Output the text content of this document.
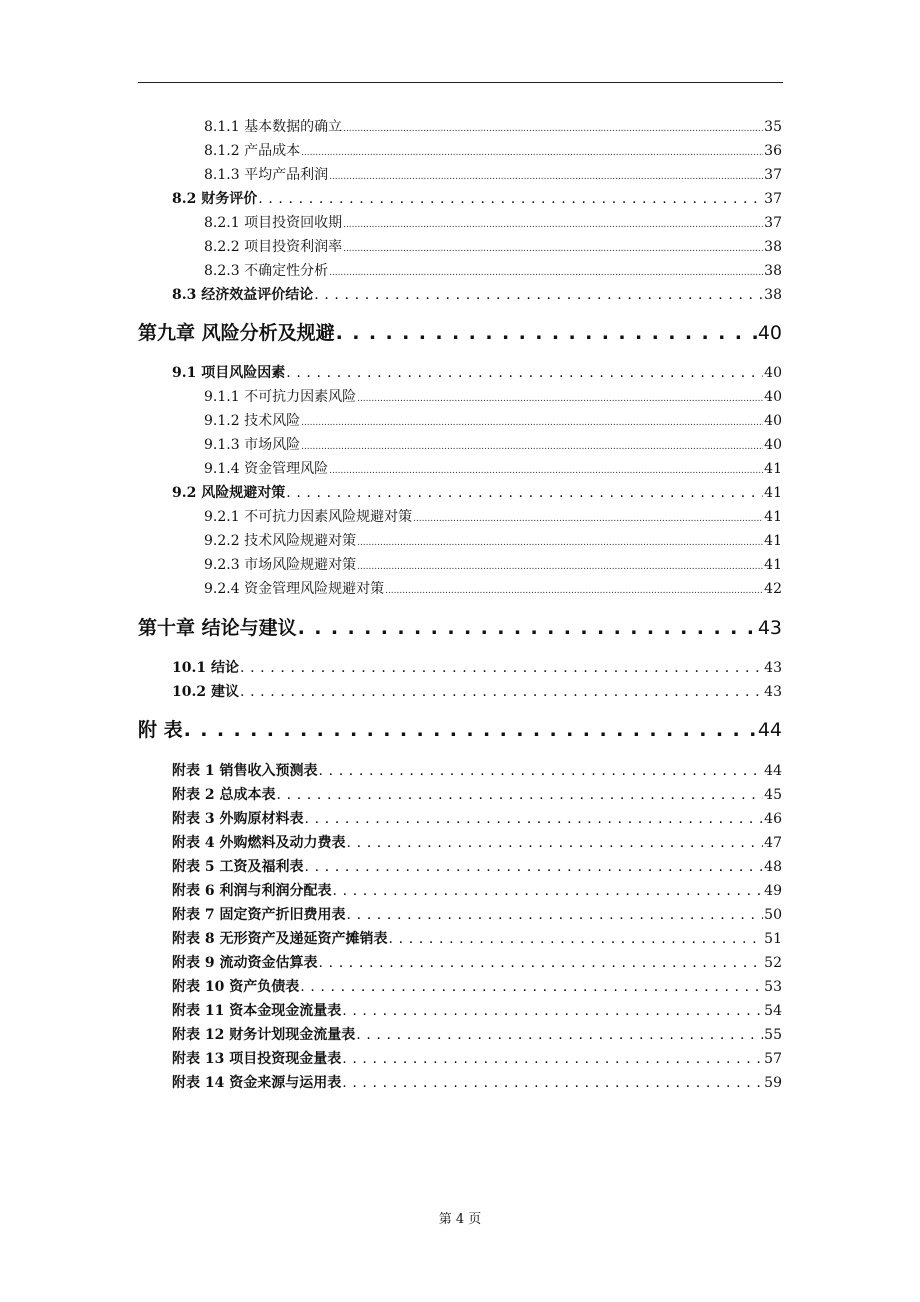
8.1.1 基本数据的确立 .....	35
8.1.2 产品成本 .....	36
8.1.3 平均产品利润 .....	37
8.2 财务评价 . . .	37
8.2.1 项目投资回收期 .....	37
8.2.2 项目投资利润率 .....	38
8.2.3 不确定性分析 .....	38
8.3 经济效益评价结论 . . .	38
第九章 风险分析及规避 . . .	40
9.1 项目风险因素 . . .	40
9.1.1 不可抗力因素风险 .....	40
9.1.2 技术风险 .....	40
9.1.3 市场风险 .....	40
9.1.4 资金管理风险 .....	41
9.2 风险规避对策 . . .	41
9.2.1 不可抗力因素风险规避对策 .....	41
9.2.2 技术风险规避对策 .....	41
9.2.3 市场风险规避对策 .....	41
9.2.4 资金管理风险规避对策 .....	42
第十章 结论与建议 . . .	43
10.1 结论 . . .	43
10.2 建议 . . .	43
附 表 . . .	44
附表 1 销售收入预测表 . . .	44
附表 2 总成本表 . . .	45
附表 3 外购原材料表 . . .	46
附表 4 外购燃料及动力费表 . . .	47
附表 5 工资及福利表 . . .	48
附表 6 利润与利润分配表 . . .	49
附表 7 固定资产折旧费用表 . . .	50
附表 8 无形资产及递延资产摊销表 . . .	51
附表 9 流动资金估算表 . . .	52
附表 10 资产负债表 . . .	53
附表 11 资本金现金流量表 . . .	54
附表 12 财务计划现金流量表 . . .	55
附表 13 项目投资现金量表 . . .	57
附表 14 资金来源与运用表 . . .	59
第 4 页
